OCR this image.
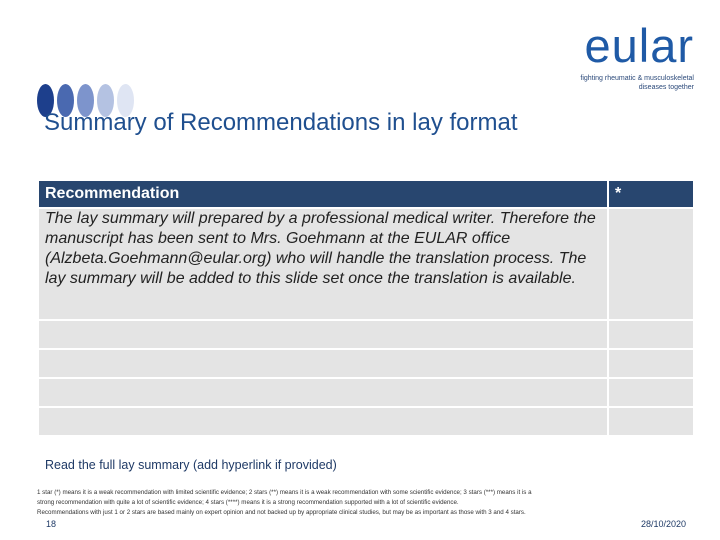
eular
fighting rheumatic & musculoskeletal
diseases together
Summary of Recommendations in lay format
Recommendation	*
The lay summary will prepared by a professional medical writer. Therefore the manuscript has been sent to Mrs. Goehmann at the EULAR office (Alzbeta.Goehmann@eular.org) who will handle the translation process. The lay summary will be added to this slide set once the translation is available.	

Read the full lay summary (add hyperlink if provided)
1 star (*) means it is a weak recommendation with limited scientific evidence; 2 stars (**) means it is a weak recommendation with some scientific evidence; 3 stars (***) means it is a
strong recommendation with quite a lot of scientific evidence; 4 stars (****) means it is a strong recommendation supported with a lot of scientific evidence.
Recommendations with just 1 or 2 stars are based mainly on expert opinion and not backed up by appropriate clinical studies, but may be as important as those with 3 and 4 stars.
18	28/10/2020
